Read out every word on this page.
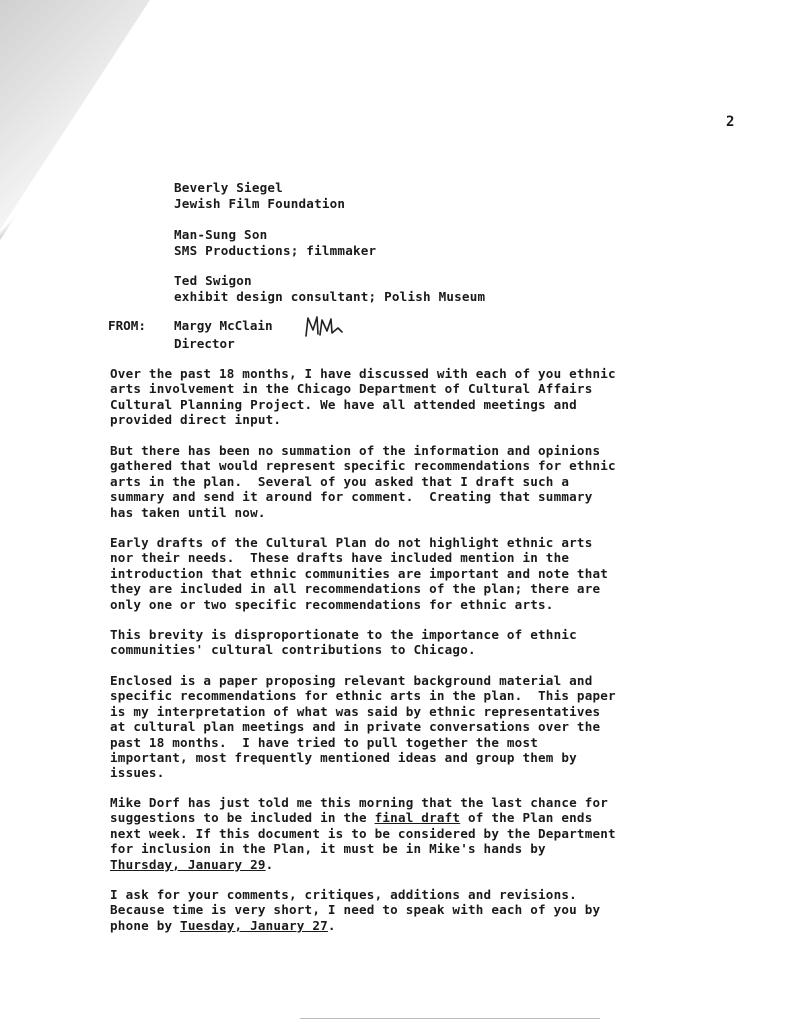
2
Beverly Siegel
Jewish Film Foundation
Man-Sung Son
SMS Productions; filmmaker
Ted Swigon
exhibit design consultant; Polish Museum
FROM: Margy McClain
Director
Over the past 18 months, I have discussed with each of you ethnic
arts involvement in the Chicago Department of Cultural Affairs
Cultural Planning Project. We have all attended meetings and
provided direct input.
But there has been no summation of the information and opinions
gathered that would represent specific recommendations for ethnic
arts in the plan.  Several of you asked that I draft such a
summary and send it around for comment.  Creating that summary
has taken until now.
Early drafts of the Cultural Plan do not highlight ethnic arts
nor their needs.  These drafts have included mention in the
introduction that ethnic communities are important and note that
they are included in all recommendations of the plan; there are
only one or two specific recommendations for ethnic arts.
This brevity is disproportionate to the importance of ethnic
communities' cultural contributions to Chicago.
Enclosed is a paper proposing relevant background material and
specific recommendations for ethnic arts in the plan.  This paper
is my interpretation of what was said by ethnic representatives
at cultural plan meetings and in private conversations over the
past 18 months.  I have tried to pull together the most
important, most frequently mentioned ideas and group them by
issues.
Mike Dorf has just told me this morning that the last chance for
suggestions to be included in the final draft of the Plan ends
next week. If this document is to be considered by the Department
for inclusion in the Plan, it must be in Mike's hands by
Thursday, January 29.
I ask for your comments, critiques, additions and revisions.
Because time is very short, I need to speak with each of you by
phone by Tuesday, January 27.
